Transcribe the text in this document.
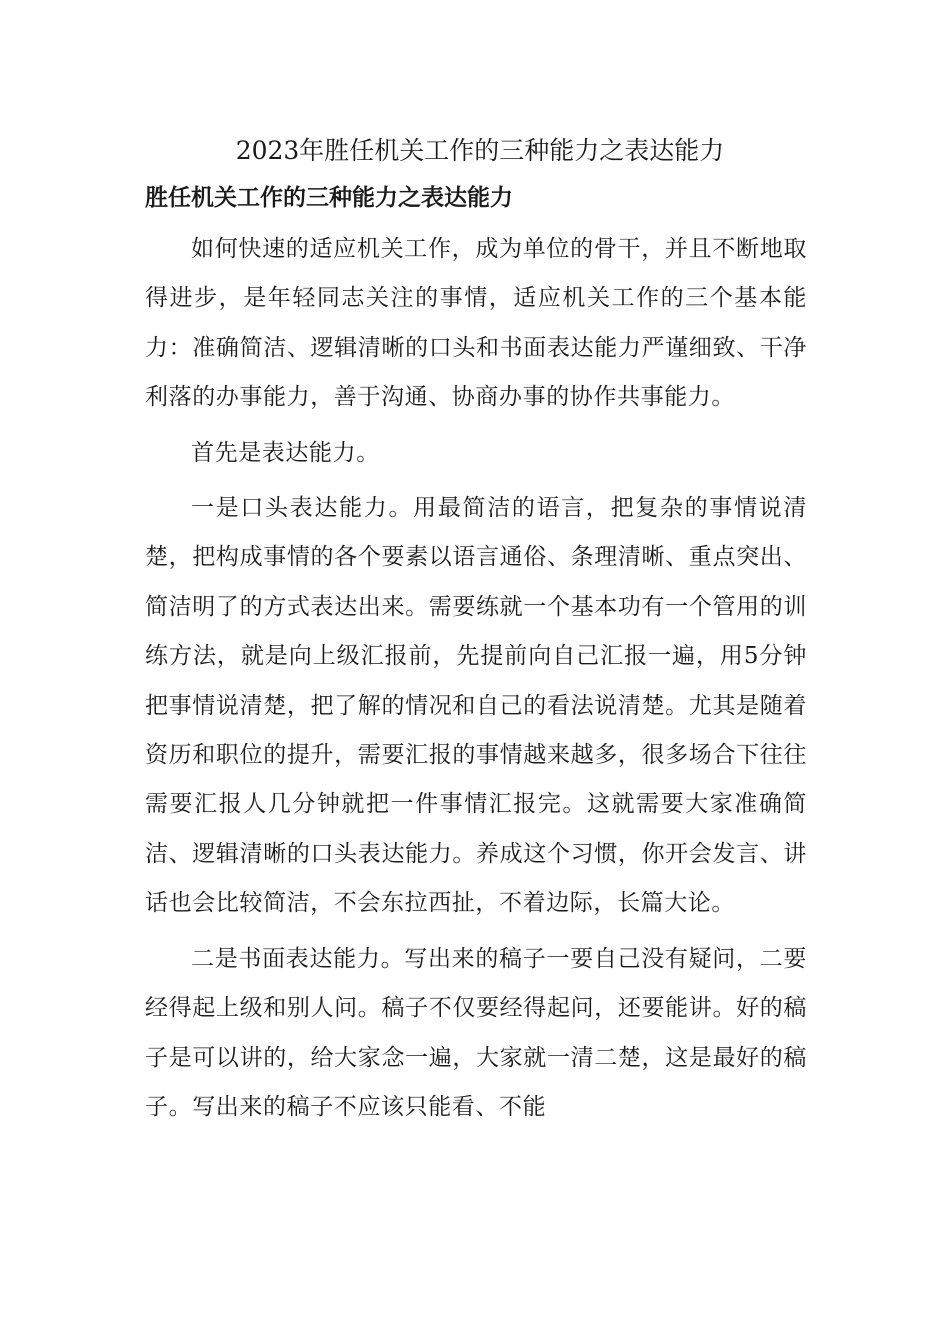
2023年胜任机关工作的三种能力之表达能力
胜任机关工作的三种能力之表达能力

如何快速的适应机关工作，成为单位的骨干，并且不断地取得进步，是年轻同志关注的事情，适应机关工作的三个基本能力：准确简洁、逻辑清晰的口头和书面表达能力严谨细致、干净利落的办事能力，善于沟通、协商办事的协作共事能力。

首先是表达能力。

一是口头表达能力。用最简洁的语言，把复杂的事情说清楚，把构成事情的各个要素以语言通俗、条理清晰、重点突出、简洁明了的方式表达出来。需要练就一个基本功有一个管用的训练方法，就是向上级汇报前，先提前向自己汇报一遍，用5分钟把事情说清楚，把了解的情况和自己的看法说清楚。尤其是随着资历和职位的提升，需要汇报的事情越来越多，很多场合下往往需要汇报人几分钟就把一件事情汇报完。这就需要大家准确简洁、逻辑清晰的口头表达能力。养成这个习惯，你开会发言、讲话也会比较简洁，不会东拉西扯，不着边际，长篇大论。

二是书面表达能力。写出来的稿子一要自己没有疑问，二要经得起上级和别人问。稿子不仅要经得起问，还要能讲。好的稿子是可以讲的，给大家念一遍，大家就一清二楚，这是最好的稿子。写出来的稿子不应该只能看、不能
